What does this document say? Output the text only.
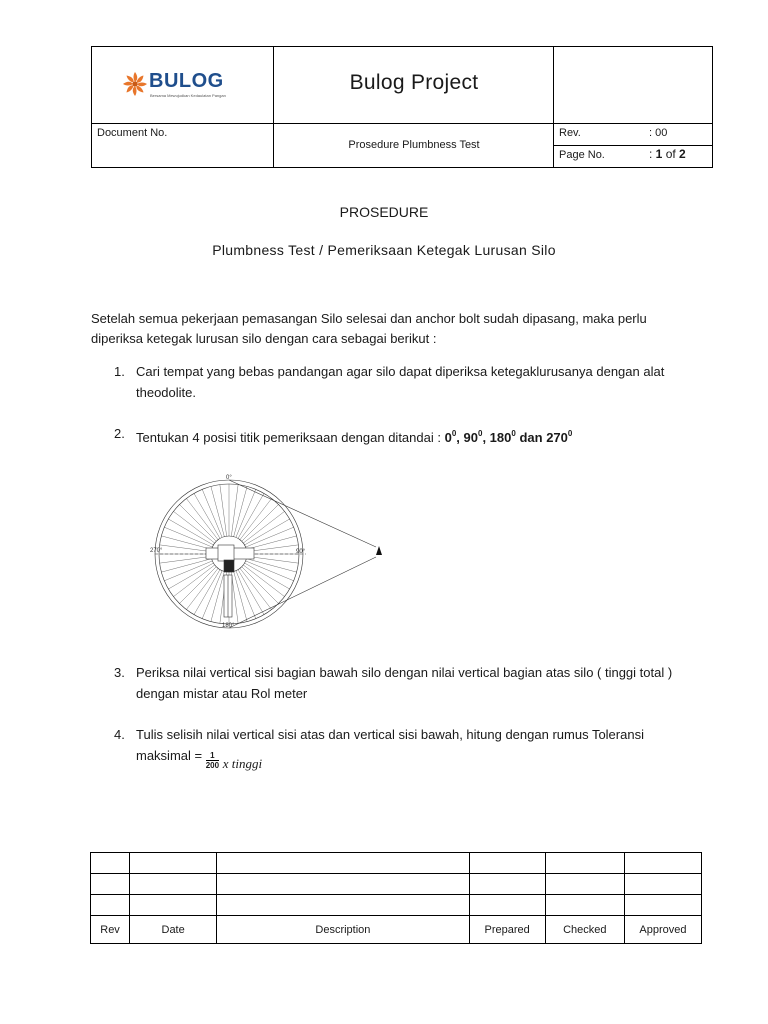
BULOG
Bersama Mewujudkan Kedaulatan Pangan
Bulog Project
Document No.
Prosedure Plumbness Test
Rev.	: 00
Page No.	: 1 of 2
PROSEDURE
Plumbness Test / Pemeriksaan Ketegak Lurusan Silo

Setelah semua pekerjaan pemasangan Silo selesai dan anchor bolt sudah dipasang, maka perlu diperiksa ketegak lurusan silo dengan cara sebagai berikut :

1. Cari tempat yang bebas pandangan agar silo dapat diperiksa ketegaklurusanya dengan alat theodolite.

2. Tentukan 4 posisi titik pemeriksaan dengan ditandai : $0^0$, $90^0$, $180^0$ dan $270^0$

0°
90°
180°
270°
3. Periksa nilai vertical sisi bagian bawah silo dengan nilai vertical bagian atas silo ( tinggi total ) dengan mistar atau Rol meter

4. Tulis selisih nilai vertical sisi atas dan vertical sisi bawah, hitung dengan rumus Toleransi maksimal = $\frac{1}{200}$ x tinggi

Rev	Date	Description	Prepared	Checked	Approved
